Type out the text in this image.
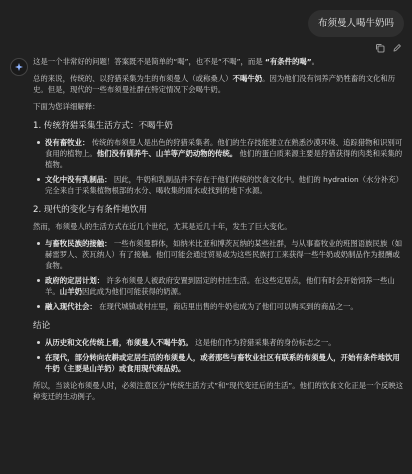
布须曼人喝牛奶吗

这是一个非常好的问题！答案既不是简单的“喝”，也不是“不喝”，而是 “有条件的喝”。

总的来说，传统的、以狩猎采集为生的布须曼人（或称桑人）不喝牛奶。因为他们没有饲养产奶牲畜的文化和历史。但是，现代的一些布须曼社群在特定情况下会喝牛奶。

下面为您详细解释：

1. 传统狩猎采集生活方式：不喝牛奶
没有畜牧业： 传统的布须曼人是出色的狩猎采集者。他们的生存技能建立在熟悉沙漠环境、追踪猎物和识别可食用的植物上。他们没有驯养牛、山羊等产奶动物的传统。 他们的蛋白质来源主要是狩猎获得的肉类和采集的植物。
文化中没有乳制品： 因此，牛奶和乳制品并不存在于他们传统的饮食文化中。他们的 hydration（水分补充）完全来自于采集植物根部的水分、喝收集的雨水或找到的地下水源。
2. 现代的变化与有条件地饮用

然而，布须曼人的生活方式在近几个世纪，尤其是近几十年，发生了巨大变化。

与畜牧民族的接触： 一些布须曼群体，如纳米比亚和博茨瓦纳的某些社群，与从事畜牧业的班图语族民族（如赫雷罗人、茨瓦纳人）有了接触。他们可能会通过贸易或为这些民族打工来获得一些牛奶或奶制品作为报酬或食物。
政府的定居计划： 许多布须曼人被政府安置到固定的村庄生活。在这些定居点，他们有时会开始饲养一些山羊。山羊奶因此成为他们可能获得的奶源。
融入现代社会： 在现代城镇或村庄里，商店里出售的牛奶也成为了他们可以购买到的商品之一。
结论
从历史和文化传统上看，布须曼人不喝牛奶。 这是他们作为狩猎采集者的身份标志之一。
在现代，部分转向农耕或定居生活的布须曼人，或者那些与畜牧业社区有联系的布须曼人，开始有条件地饮用牛奶（主要是山羊奶）或食用现代商品奶。

所以，当谈论布须曼人时，必须注意区分“传统生活方式”和“现代变迁后的生活”。他们的饮食文化正是一个反映这种变迁的生动例子。
